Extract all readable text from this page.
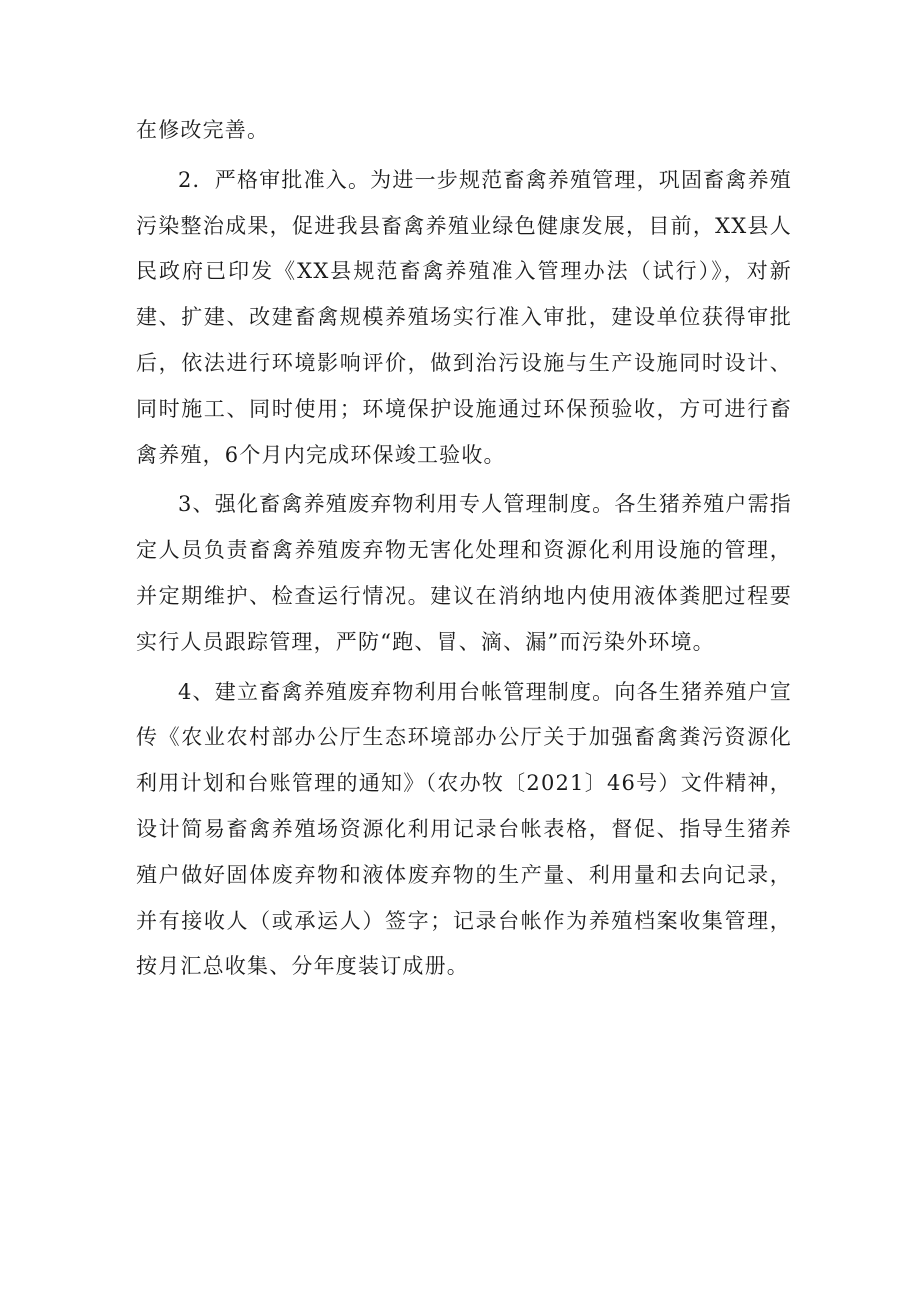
在修改完善。

2．严格审批准入。为进一步规范畜禽养殖管理，巩固畜禽养殖污染整治成果，促进我县畜禽养殖业绿色健康发展，目前，XX县人民政府已印发《XX县规范畜禽养殖准入管理办法（试行）》，对新建、扩建、改建畜禽规模养殖场实行准入审批，建设单位获得审批后，依法进行环境影响评价，做到治污设施与生产设施同时设计、同时施工、同时使用；环境保护设施通过环保预验收，方可进行畜禽养殖，6个月内完成环保竣工验收。

3、强化畜禽养殖废弃物利用专人管理制度。各生猪养殖户需指定人员负责畜禽养殖废弃物无害化处理和资源化利用设施的管理，并定期维护、检查运行情况。建议在消纳地内使用液体粪肥过程要实行人员跟踪管理，严防“跑、冒、滴、漏”而污染外环境。

4、建立畜禽养殖废弃物利用台帐管理制度。向各生猪养殖户宣传《农业农村部办公厅生态环境部办公厅关于加强畜禽粪污资源化利用计划和台账管理的通知》（农办牧〔2021〕46号）文件精神，设计简易畜禽养殖场资源化利用记录台帐表格，督促、指导生猪养殖户做好固体废弃物和液体废弃物的生产量、利用量和去向记录，并有接收人（或承运人）签字；记录台帐作为养殖档案收集管理，按月汇总收集、分年度装订成册。
